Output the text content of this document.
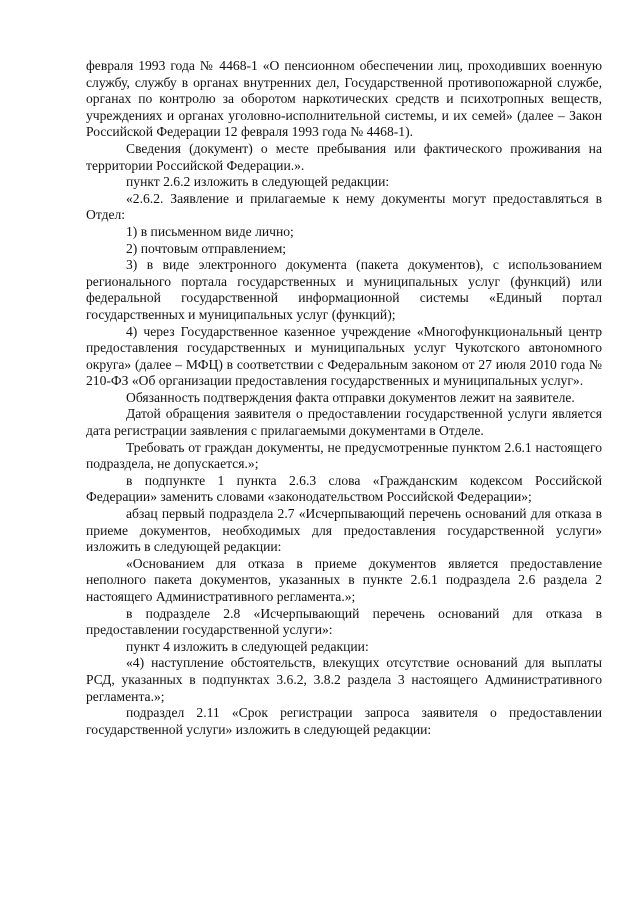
февраля 1993 года № 4468-1 «О пенсионном обеспечении лиц, проходивших военную службу, службу в органах внутренних дел, Государственной противопожарной службе, органах по контролю за оборотом наркотических средств и психотропных веществ, учреждениях и органах уголовно-исполнительной системы, и их семей» (далее – Закон Российской Федерации 12 февраля 1993 года № 4468-1).

Сведения (документ) о месте пребывания или фактического проживания на территории Российской Федерации.».

пункт 2.6.2 изложить в следующей редакции:

«2.6.2. Заявление и прилагаемые к нему документы могут предоставляться в Отдел:

1) в письменном виде лично;

2) почтовым отправлением;

3) в виде электронного документа (пакета документов), с использованием регионального портала государственных и муниципальных услуг (функций) или федеральной государственной информационной системы «Единый портал государственных и муниципальных услуг (функций);

4) через Государственное казенное учреждение «Многофункциональный центр предоставления государственных и муниципальных услуг Чукотского автономного округа» (далее – МФЦ) в соответствии с Федеральным законом от 27 июля 2010 года № 210-ФЗ «Об организации предоставления государственных и муниципальных услуг».

Обязанность подтверждения факта отправки документов лежит на заявителе.

Датой обращения заявителя о предоставлении государственной услуги является дата регистрации заявления с прилагаемыми документами в Отделе.

Требовать от граждан документы, не предусмотренные пунктом 2.6.1 настоящего подраздела, не допускается.»;

в подпункте 1 пункта 2.6.3 слова «Гражданским кодексом Российской Федерации» заменить словами «законодательством Российской Федерации»;

абзац первый подраздела 2.7 «Исчерпывающий перечень оснований для отказа в приеме документов, необходимых для предоставления государственной услуги» изложить в следующей редакции:

«Основанием для отказа в приеме документов является предоставление неполного пакета документов, указанных в пункте 2.6.1 подраздела 2.6 раздела 2 настоящего Административного регламента.»;

в подразделе 2.8 «Исчерпывающий перечень оснований для отказа в предоставлении государственной услуги»:

пункт 4 изложить в следующей редакции:

«4) наступление обстоятельств, влекущих отсутствие оснований для выплаты РСД, указанных в подпунктах 3.6.2, 3.8.2 раздела 3 настоящего Административного регламента.»;

подраздел 2.11 «Срок регистрации запроса заявителя о предоставлении государственной услуги» изложить в следующей редакции:
